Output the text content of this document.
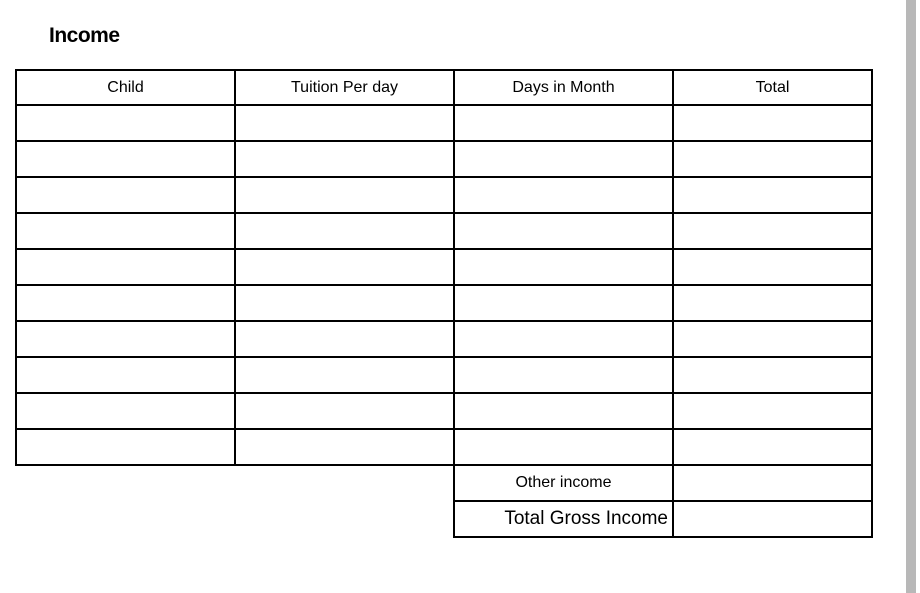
Income
Child	Tuition Per day	Days in Month	Total

		Other income	
		Total Gross Income	
